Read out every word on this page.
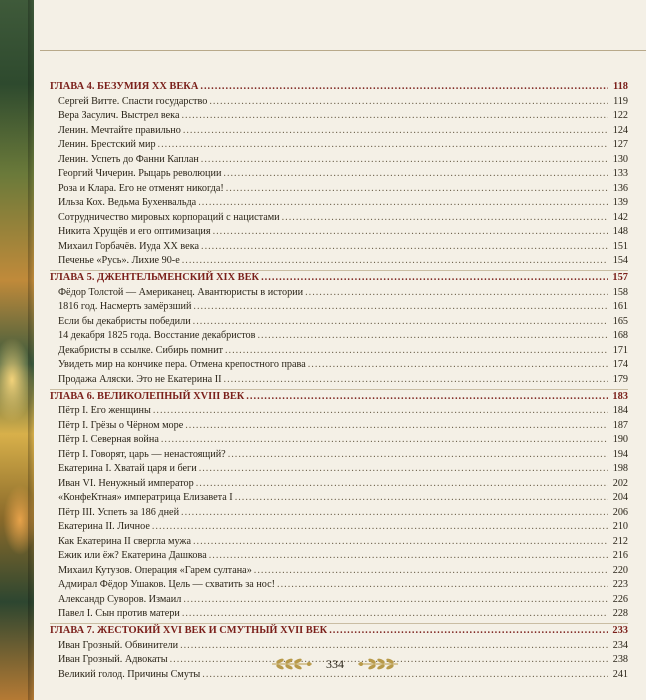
ГЛАВА 4. БЕЗУМИЯ XX ВЕКА .....	118
Сергей Витте. Спасти государство .....	119
Вера Засулич. Выстрел века .....	122
Ленин. Мечтайте правильно .....	124
Ленин. Брестский мир .....	127
Ленин. Успеть до Фанни Каплан .....	130
Георгий Чичерин. Рыцарь революции .....	133
Роза и Клара. Его не отменят никогда! .....	136
Ильза Кох. Ведьма Бухенвальда .....	139
Сотрудничество мировых корпораций с нацистами .....	142
Никита Хрущёв и его оптимизация .....	148
Михаил Горбачёв. Иуда XX века .....	151
Печенье «Русь». Лихие 90-е .....	154
ГЛАВА 5. ДЖЕНТЕЛЬМЕНСКИЙ XIX ВЕК .....	157
Фёдор Толстой — Американец. Авантюристы в истории .....	158
1816 год. Насмерть замёрзший .....	161
Если бы декабристы победили .....	165
14 декабря 1825 года. Восстание декабристов .....	168
Декабристы в ссылке. Сибирь помнит .....	171
Увидеть мир на кончике пера. Отмена крепостного права .....	174
Продажа Аляски. Это не Екатерина II .....	179
ГЛАВА 6. ВЕЛИКОЛЕПНЫЙ XVIII ВЕК .....	183
Пётр I. Его женщины .....	184
Пётр I. Грёзы о Чёрном море .....	187
Пётр I. Северная война .....	190
Пётр I. Говорят, царь — ненастоящий? .....	194
Екатерина I. Хватай царя и беги .....	198
Иван VI. Ненужный император .....	202
«КонфеКтная» императрица Елизавета I .....	204
Пётр III. Успеть за 186 дней .....	206
Екатерина II. Личное .....	210
Как Екатерина II свергла мужа .....	212
Ежик или ёж? Екатерина Дашкова .....	216
Михаил Кутузов. Операция «Гарем султана» .....	220
Адмирал Фёдор Ушаков. Цель — схватить за нос! .....	223
Александр Суворов. Измаил .....	226
Павел I. Сын против матери .....	228
ГЛАВА 7. ЖЕСТОКИЙ XVI ВЕК И СМУТНЫЙ XVII ВЕК .....	233
Иван Грозный. Обвинители .....	234
Иван Грозный. Адвокаты .....	238
Великий голод. Причины Смуты .....	241
334
